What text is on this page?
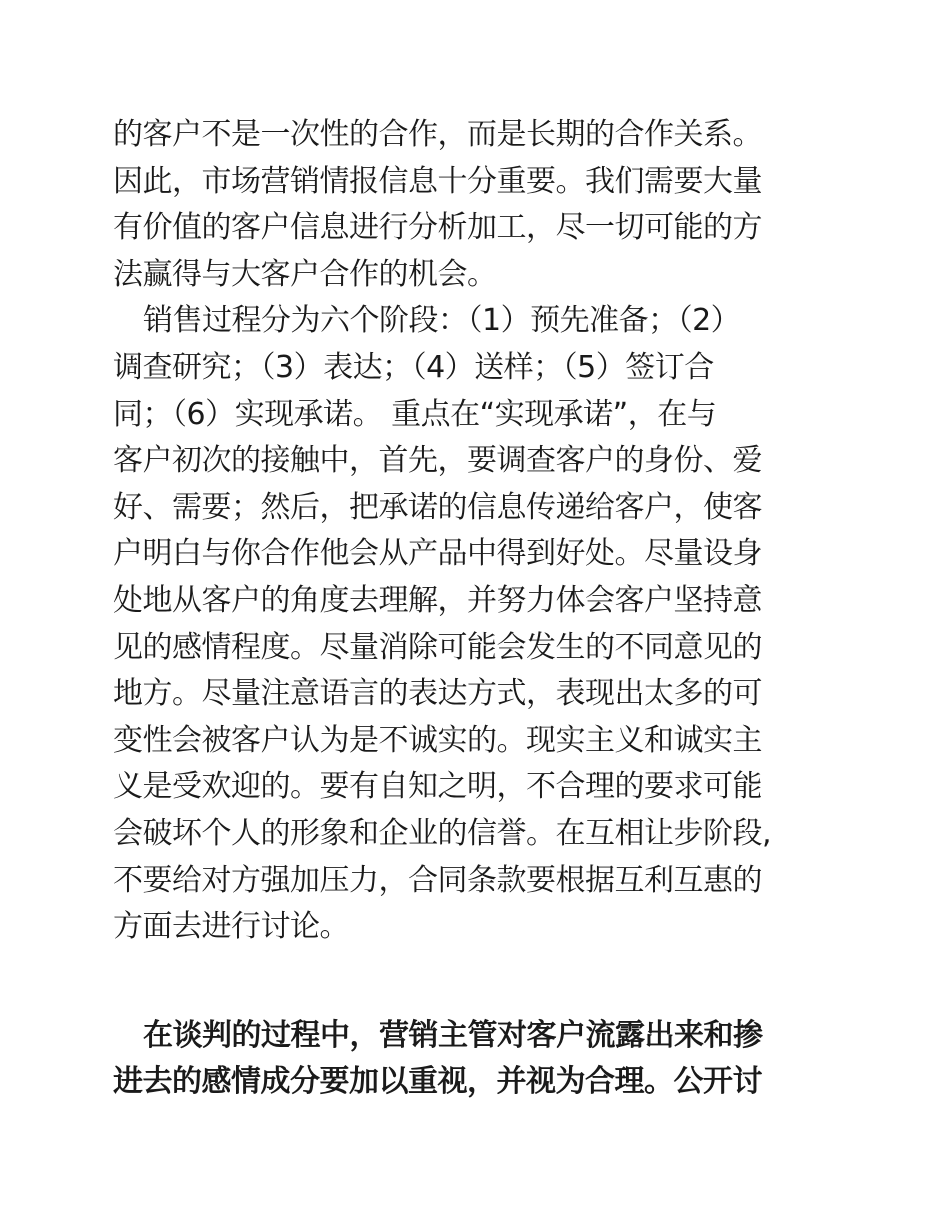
的客户不是一次性的合作，而是长期的合作关系。
因此，市场营销情报信息十分重要。我们需要大量
有价值的客户信息进行分析加工，尽一切可能的方
法赢得与大客户合作的机会。
销售过程分为六个阶段：（1）预先准备；（2）
调查研究；（3）表达；（4）送样；（5）签订合
同；（6）实现承诺。 重点在“实现承诺”，在与
客户初次的接触中，首先，要调查客户的身份、爱
好、需要；然后，把承诺的信息传递给客户，使客
户明白与你合作他会从产品中得到好处。尽量设身
处地从客户的角度去理解，并努力体会客户坚持意
见的感情程度。尽量消除可能会发生的不同意见的
地方。尽量注意语言的表达方式，表现出太多的可
变性会被客户认为是不诚实的。现实主义和诚实主
义是受欢迎的。要有自知之明，不合理的要求可能
会破坏个人的形象和企业的信誉。在互相让步阶段,
不要给对方强加压力，合同条款要根据互利互惠的
方面去进行讨论。
在谈判的过程中，营销主管对客户流露出来和掺
进去的感情成分要加以重视，并视为合理。公开讨
